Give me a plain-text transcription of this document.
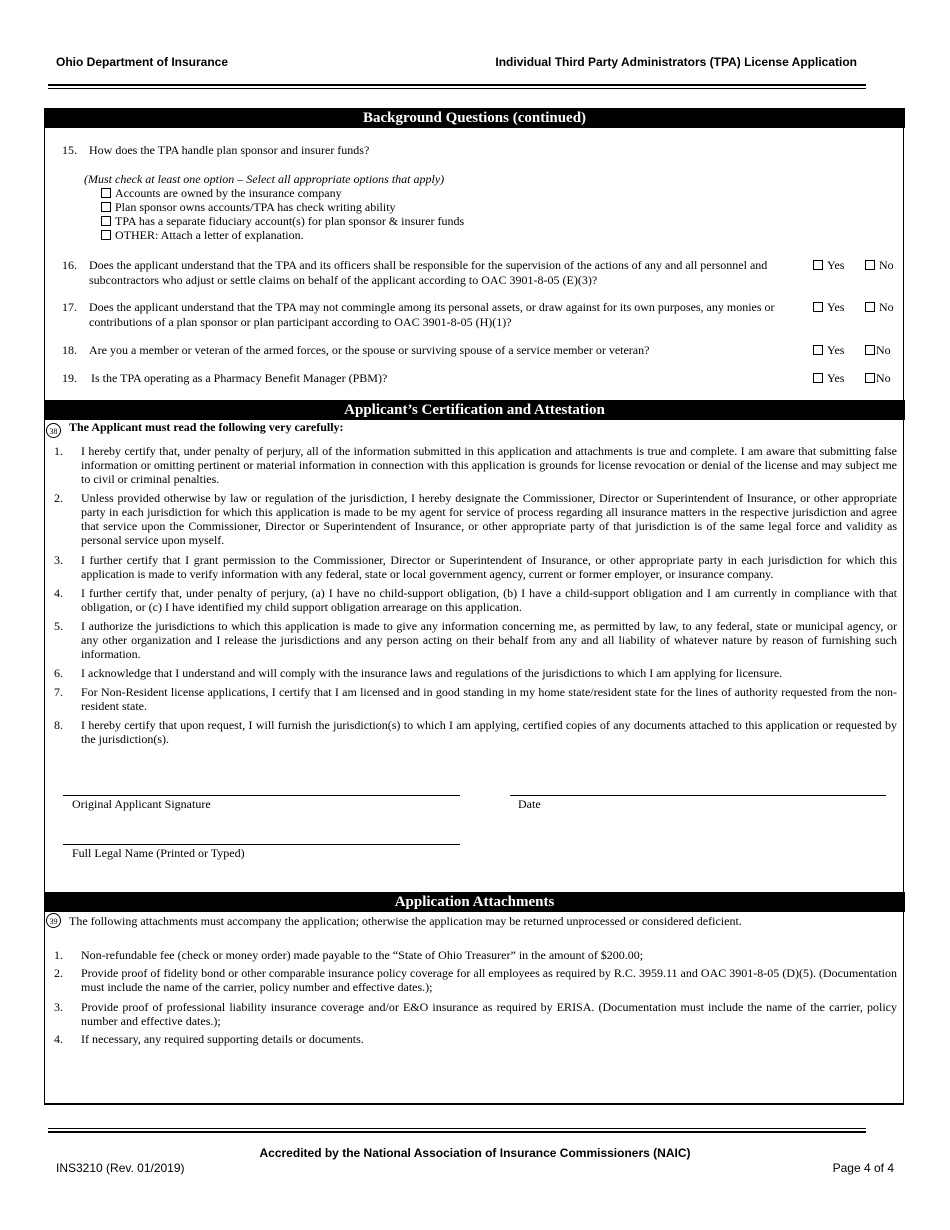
Ohio Department of Insurance	Individual Third Party Administrators (TPA) License Application
Background Questions (continued)
15. How does the TPA handle plan sponsor and insurer funds?
(Must check at least one option – Select all appropriate options that apply)
Accounts are owned by the insurance company
Plan sponsor owns accounts/TPA has check writing ability
TPA has a separate fiduciary account(s) for plan sponsor & insurer funds
OTHER: Attach a letter of explanation.
16. Does the applicant understand that the TPA and its officers shall be responsible for the supervision of the actions of any and all personnel and subcontractors who adjust or settle claims on behalf of the applicant according to OAC 3901-8-05 (E)(3)?
Yes	No
17. Does the applicant understand that the TPA may not commingle among its personal assets, or draw against for its own purposes, any monies or contributions of a plan sponsor or plan participant according to OAC 3901-8-05 (H)(1)?
Yes	No
18. Are you a member or veteran of the armed forces, or the spouse or surviving spouse of a service member or veteran?	Yes	No
19. Is the TPA operating as a Pharmacy Benefit Manager (PBM)?	Yes	No
Applicant’s Certification and Attestation
38 The Applicant must read the following very carefully:
1. I hereby certify that, under penalty of perjury, all of the information submitted in this application and attachments is true and complete. I am aware that submitting false information or omitting pertinent or material information in connection with this application is grounds for license revocation or denial of the license and may subject me to civil or criminal penalties.
2. Unless provided otherwise by law or regulation of the jurisdiction, I hereby designate the Commissioner, Director or Superintendent of Insurance, or other appropriate party in each jurisdiction for which this application is made to be my agent for service of process regarding all insurance matters in the respective jurisdiction and agree that service upon the Commissioner, Director or Superintendent of Insurance, or other appropriate party of that jurisdiction is of the same legal force and validity as personal service upon myself.
3. I further certify that I grant permission to the Commissioner, Director or Superintendent of Insurance, or other appropriate party in each jurisdiction for which this application is made to verify information with any federal, state or local government agency, current or former employer, or insurance company.
4. I further certify that, under penalty of perjury, (a) I have no child-support obligation, (b) I have a child-support obligation and I am currently in compliance with that obligation, or (c) I have identified my child support obligation arrearage on this application.
5. I authorize the jurisdictions to which this application is made to give any information concerning me, as permitted by law, to any federal, state or municipal agency, or any other organization and I release the jurisdictions and any person acting on their behalf from any and all liability of whatever nature by reason of furnishing such information.
6. I acknowledge that I understand and will comply with the insurance laws and regulations of the jurisdictions to which I am applying for licensure.
7. For Non-Resident license applications, I certify that I am licensed and in good standing in my home state/resident state for the lines of authority requested from the non-resident state.
8. I hereby certify that upon request, I will furnish the jurisdiction(s) to which I am applying, certified copies of any documents attached to this application or requested by the jurisdiction(s).
Original Applicant Signature	Date
Full Legal Name (Printed or Typed)
Application Attachments
39 The following attachments must accompany the application; otherwise the application may be returned unprocessed or considered deficient.
1. Non-refundable fee (check or money order) made payable to the “State of Ohio Treasurer” in the amount of $200.00;
2. Provide proof of fidelity bond or other comparable insurance policy coverage for all employees as required by R.C. 3959.11 and OAC 3901-8-05 (D)(5). (Documentation must include the name of the carrier, policy number and effective dates.);
3. Provide proof of professional liability insurance coverage and/or E&O insurance as required by ERISA. (Documentation must include the name of the carrier, policy number and effective dates.);
4. If necessary, any required supporting details or documents.
Accredited by the National Association of Insurance Commissioners (NAIC)
INS3210 (Rev. 01/2019)	Page 4 of 4
